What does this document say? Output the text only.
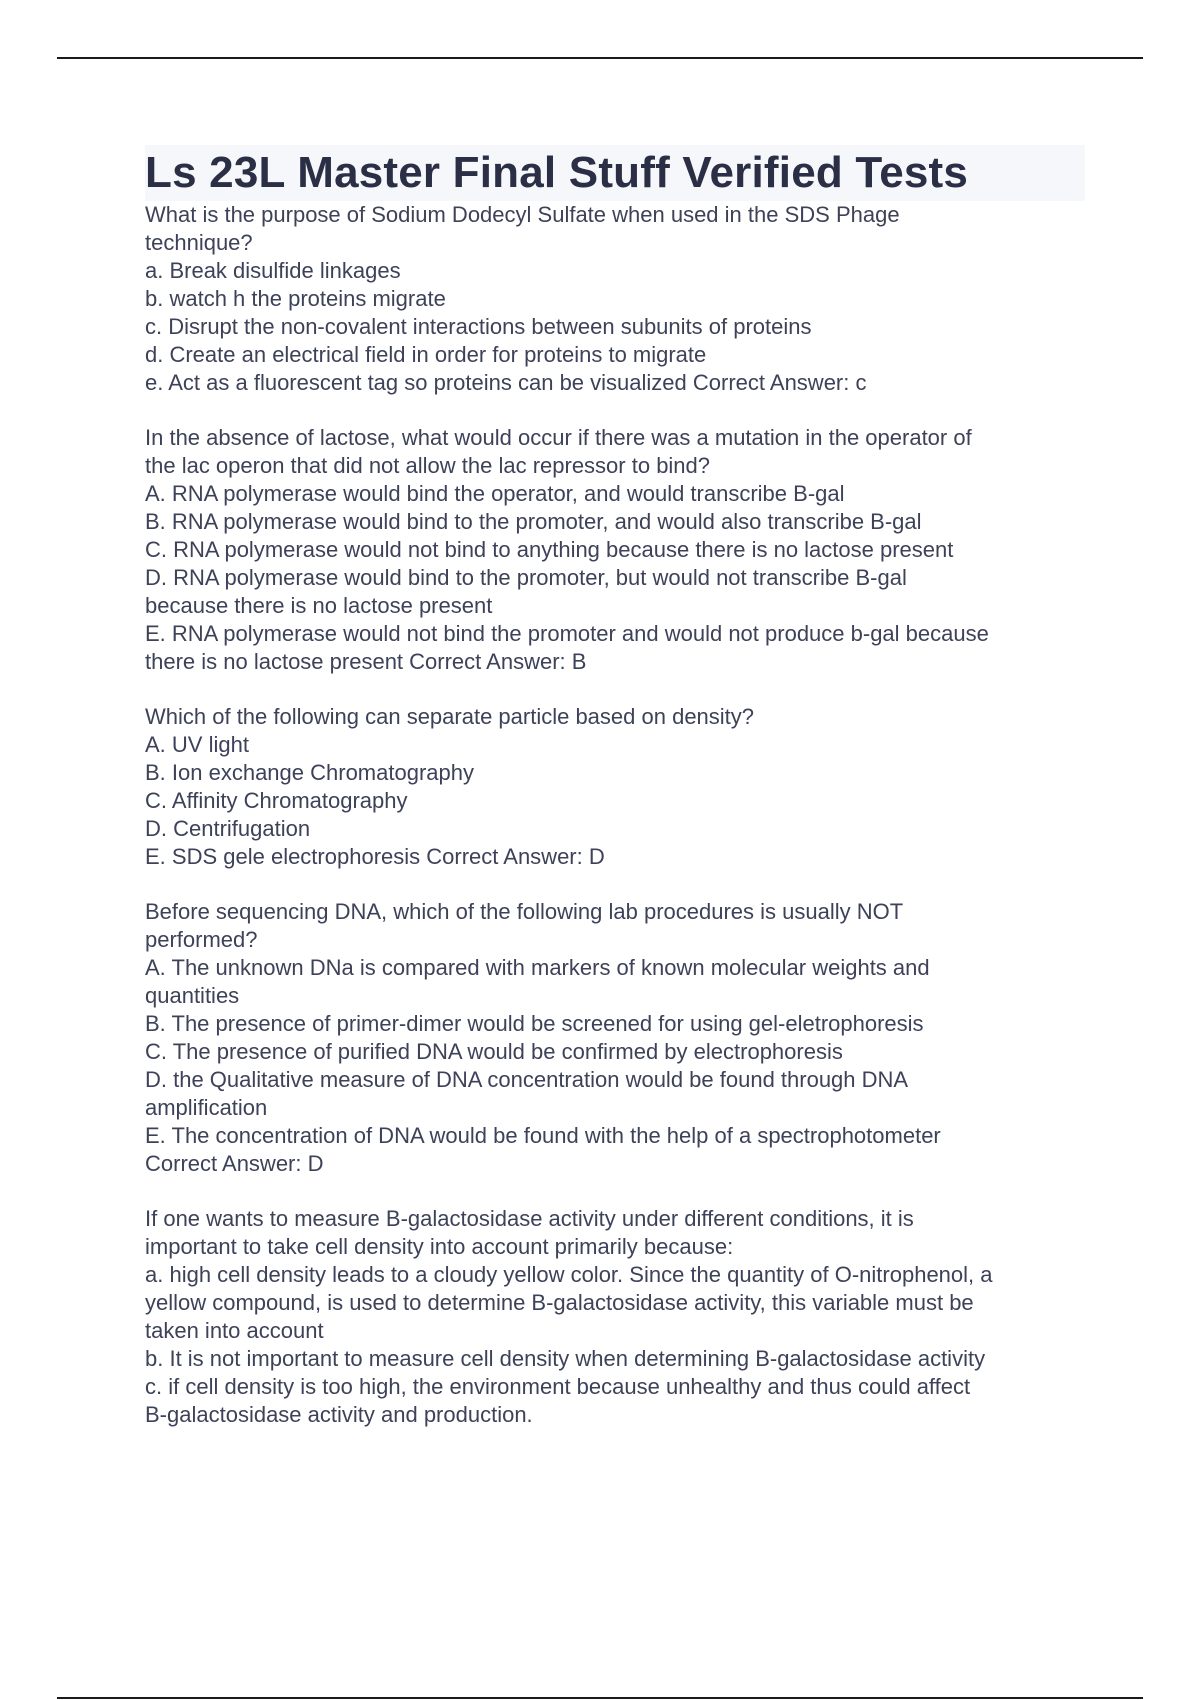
Ls 23L Master Final Stuff Verified Tests

What is the purpose of Sodium Dodecyl Sulfate when used in the SDS Phage

technique?

a. Break disulfide linkages

b. watch h the proteins migrate

c. Disrupt the non-covalent interactions between subunits of proteins

d. Create an electrical field in order for proteins to migrate

e. Act as a fluorescent tag so proteins can be visualized Correct Answer: c

In the absence of lactose, what would occur if there was a mutation in the operator of

the lac operon that did not allow the lac repressor to bind?

A. RNA polymerase would bind the operator, and would transcribe B-gal

B. RNA polymerase would bind to the promoter, and would also transcribe B-gal

C. RNA polymerase would not bind to anything because there is no lactose present

D. RNA polymerase would bind to the promoter, but would not transcribe B-gal

because there is no lactose present

E. RNA polymerase would not bind the promoter and would not produce b-gal because

there is no lactose present Correct Answer: B

Which of the following can separate particle based on density?

A. UV light

B. Ion exchange Chromatography

C. Affinity Chromatography

D. Centrifugation

E. SDS gele electrophoresis Correct Answer: D

Before sequencing DNA, which of the following lab procedures is usually NOT

performed?

A. The unknown DNa is compared with markers of known molecular weights and

quantities

B. The presence of primer-dimer would be screened for using gel-eletrophoresis

C. The presence of purified DNA would be confirmed by electrophoresis

D. the Qualitative measure of DNA concentration would be found through DNA

amplification

E. The concentration of DNA would be found with the help of a spectrophotometer

Correct Answer: D

If one wants to measure B-galactosidase activity under different conditions, it is

important to take cell density into account primarily because:

a. high cell density leads to a cloudy yellow color. Since the quantity of O-nitrophenol, a

yellow compound, is used to determine B-galactosidase activity, this variable must be

taken into account

b. It is not important to measure cell density when determining B-galactosidase activity

c. if cell density is too high, the environment because unhealthy and thus could affect

B-galactosidase activity and production.
